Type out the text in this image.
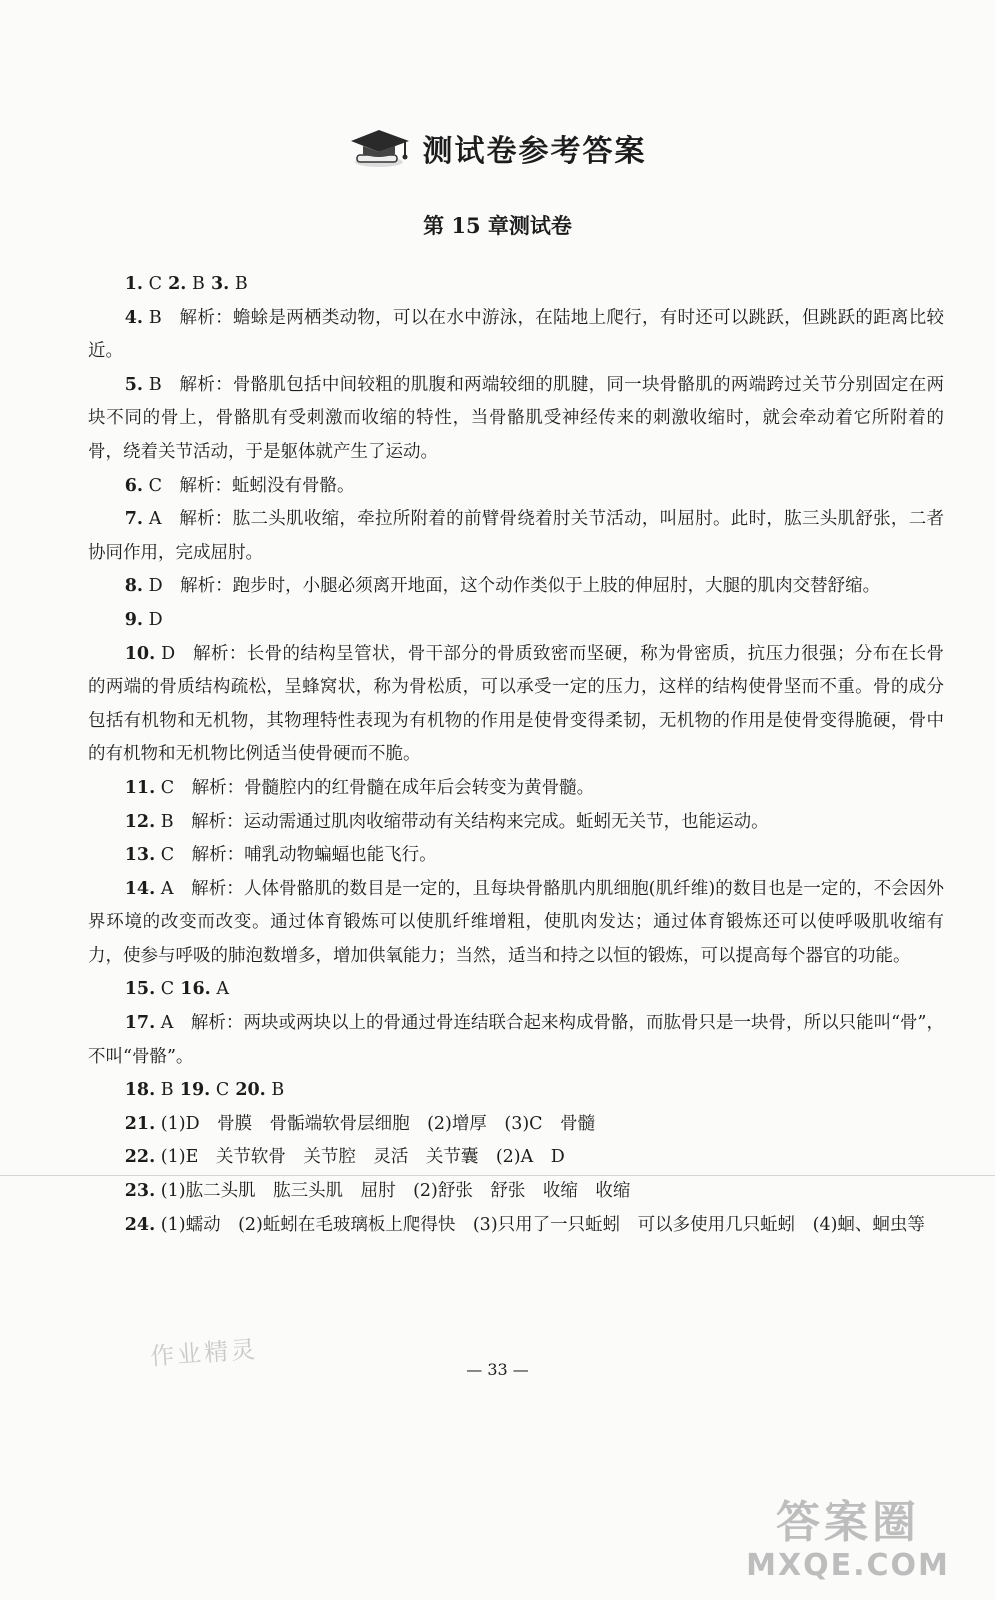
测试卷参考答案
第 15 章测试卷

1. C  2. B  3. B

4. B  解析：蟾蜍是两栖类动物，可以在水中游泳，在陆地上爬行，有时还可以跳跃，但跳跃的距离比较近。

5. B  解析：骨骼肌包括中间较粗的肌腹和两端较细的肌腱，同一块骨骼肌的两端跨过关节分别固定在两块不同的骨上，骨骼肌有受刺激而收缩的特性，当骨骼肌受神经传来的刺激收缩时，就会牵动着它所附着的骨，绕着关节活动，于是躯体就产生了运动。

6. C  解析：蚯蚓没有骨骼。

7. A  解析：肱二头肌收缩，牵拉所附着的前臂骨绕着肘关节活动，叫屈肘。此时，肱三头肌舒张，二者协同作用，完成屈肘。

8. D  解析：跑步时，小腿必须离开地面，这个动作类似于上肢的伸屈肘，大腿的肌肉交替舒缩。

9. D 

10. D  解析：长骨的结构呈管状，骨干部分的骨质致密而坚硬，称为骨密质，抗压力很强；分布在长骨的两端的骨质结构疏松，呈蜂窝状，称为骨松质，可以承受一定的压力，这样的结构使骨坚而不重。骨的成分包括有机物和无机物，其物理特性表现为有机物的作用是使骨变得柔韧，无机物的作用是使骨变得脆硬，骨中的有机物和无机物比例适当使骨硬而不脆。

11. C  解析：骨髓腔内的红骨髓在成年后会转变为黄骨髓。

12. B  解析：运动需通过肌肉收缩带动有关结构来完成。蚯蚓无关节，也能运动。

13. C  解析：哺乳动物蝙蝠也能飞行。

14. A  解析：人体骨骼肌的数目是一定的，且每块骨骼肌内肌细胞(肌纤维)的数目也是一定的，不会因外界环境的改变而改变。通过体育锻炼可以使肌纤维增粗，使肌肉发达；通过体育锻炼还可以使呼吸肌收缩有力，使参与呼吸的肺泡数增多，增加供氧能力；当然，适当和持之以恒的锻炼，可以提高每个器官的功能。

15. C  16. A

17. A  解析：两块或两块以上的骨通过骨连结联合起来构成骨骼，而肱骨只是一块骨，所以只能叫“骨”，不叫“骨骼”。

18. B  19. C  20. B

21. (1)D　骨膜　骨骺端软骨层细胞　(2)增厚　(3)C　骨髓

22. (1)E　关节软骨　关节腔　灵活　关节囊　(2)A　D

23. (1)肱二头肌　肱三头肌　屈肘　(2)舒张　舒张　收缩　收缩

24. (1)蠕动　(2)蚯蚓在毛玻璃板上爬得快　(3)只用了一只蚯蚓　可以多使用几只蚯蚓　(4)蛔、蛔虫等

作业精灵	— 33 —
答案圈
MXQE.COM
